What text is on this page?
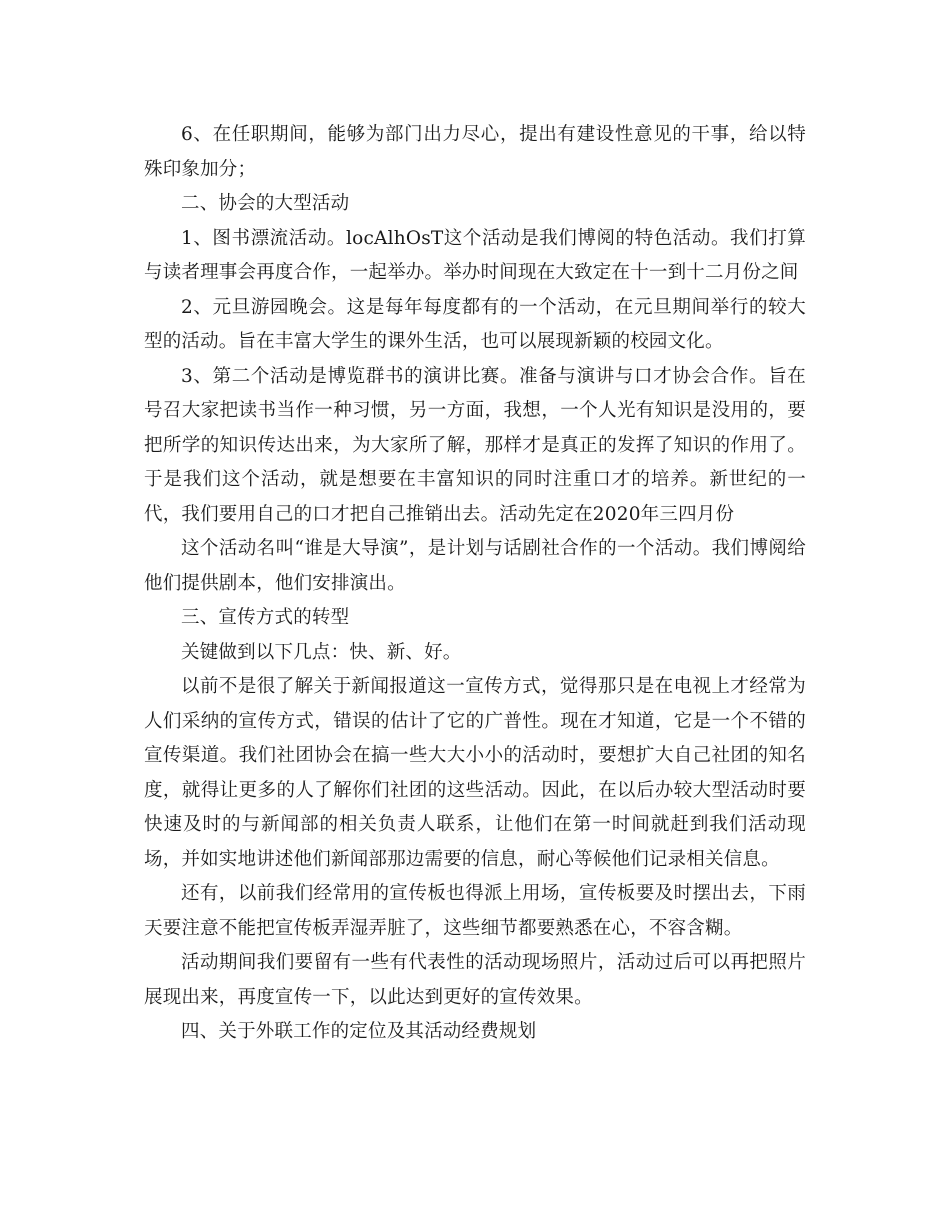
6、在任职期间，能够为部门出力尽心，提出有建设性意见的干事，给以特殊印象加分；

二、协会的大型活动

1、图书漂流活动。locAlhOsT这个活动是我们博阅的特色活动。我们打算与读者理事会再度合作，一起举办。举办时间现在大致定在十一到十二月份之间

2、元旦游园晚会。这是每年每度都有的一个活动，在元旦期间举行的较大型的活动。旨在丰富大学生的课外生活，也可以展现新颖的校园文化。

3、第二个活动是博览群书的演讲比赛。准备与演讲与口才协会合作。旨在号召大家把读书当作一种习惯，另一方面，我想，一个人光有知识是没用的，要把所学的知识传达出来，为大家所了解，那样才是真正的发挥了知识的作用了。于是我们这个活动，就是想要在丰富知识的同时注重口才的培养。新世纪的一代，我们要用自己的口才把自己推销出去。活动先定在2020年三四月份

这个活动名叫“谁是大导演”，是计划与话剧社合作的一个活动。我们博阅给他们提供剧本，他们安排演出。

三、宣传方式的转型

关键做到以下几点：快、新、好。

以前不是很了解关于新闻报道这一宣传方式，觉得那只是在电视上才经常为人们采纳的宣传方式，错误的估计了它的广普性。现在才知道，它是一个不错的宣传渠道。我们社团协会在搞一些大大小小的活动时，要想扩大自己社团的知名度，就得让更多的人了解你们社团的这些活动。因此，在以后办较大型活动时要快速及时的与新闻部的相关负责人联系，让他们在第一时间就赶到我们活动现场，并如实地讲述他们新闻部那边需要的信息，耐心等候他们记录相关信息。

还有，以前我们经常用的宣传板也得派上用场，宣传板要及时摆出去，下雨天要注意不能把宣传板弄湿弄脏了，这些细节都要熟悉在心，不容含糊。

活动期间我们要留有一些有代表性的活动现场照片，活动过后可以再把照片展现出来，再度宣传一下，以此达到更好的宣传效果。

四、关于外联工作的定位及其活动经费规划
